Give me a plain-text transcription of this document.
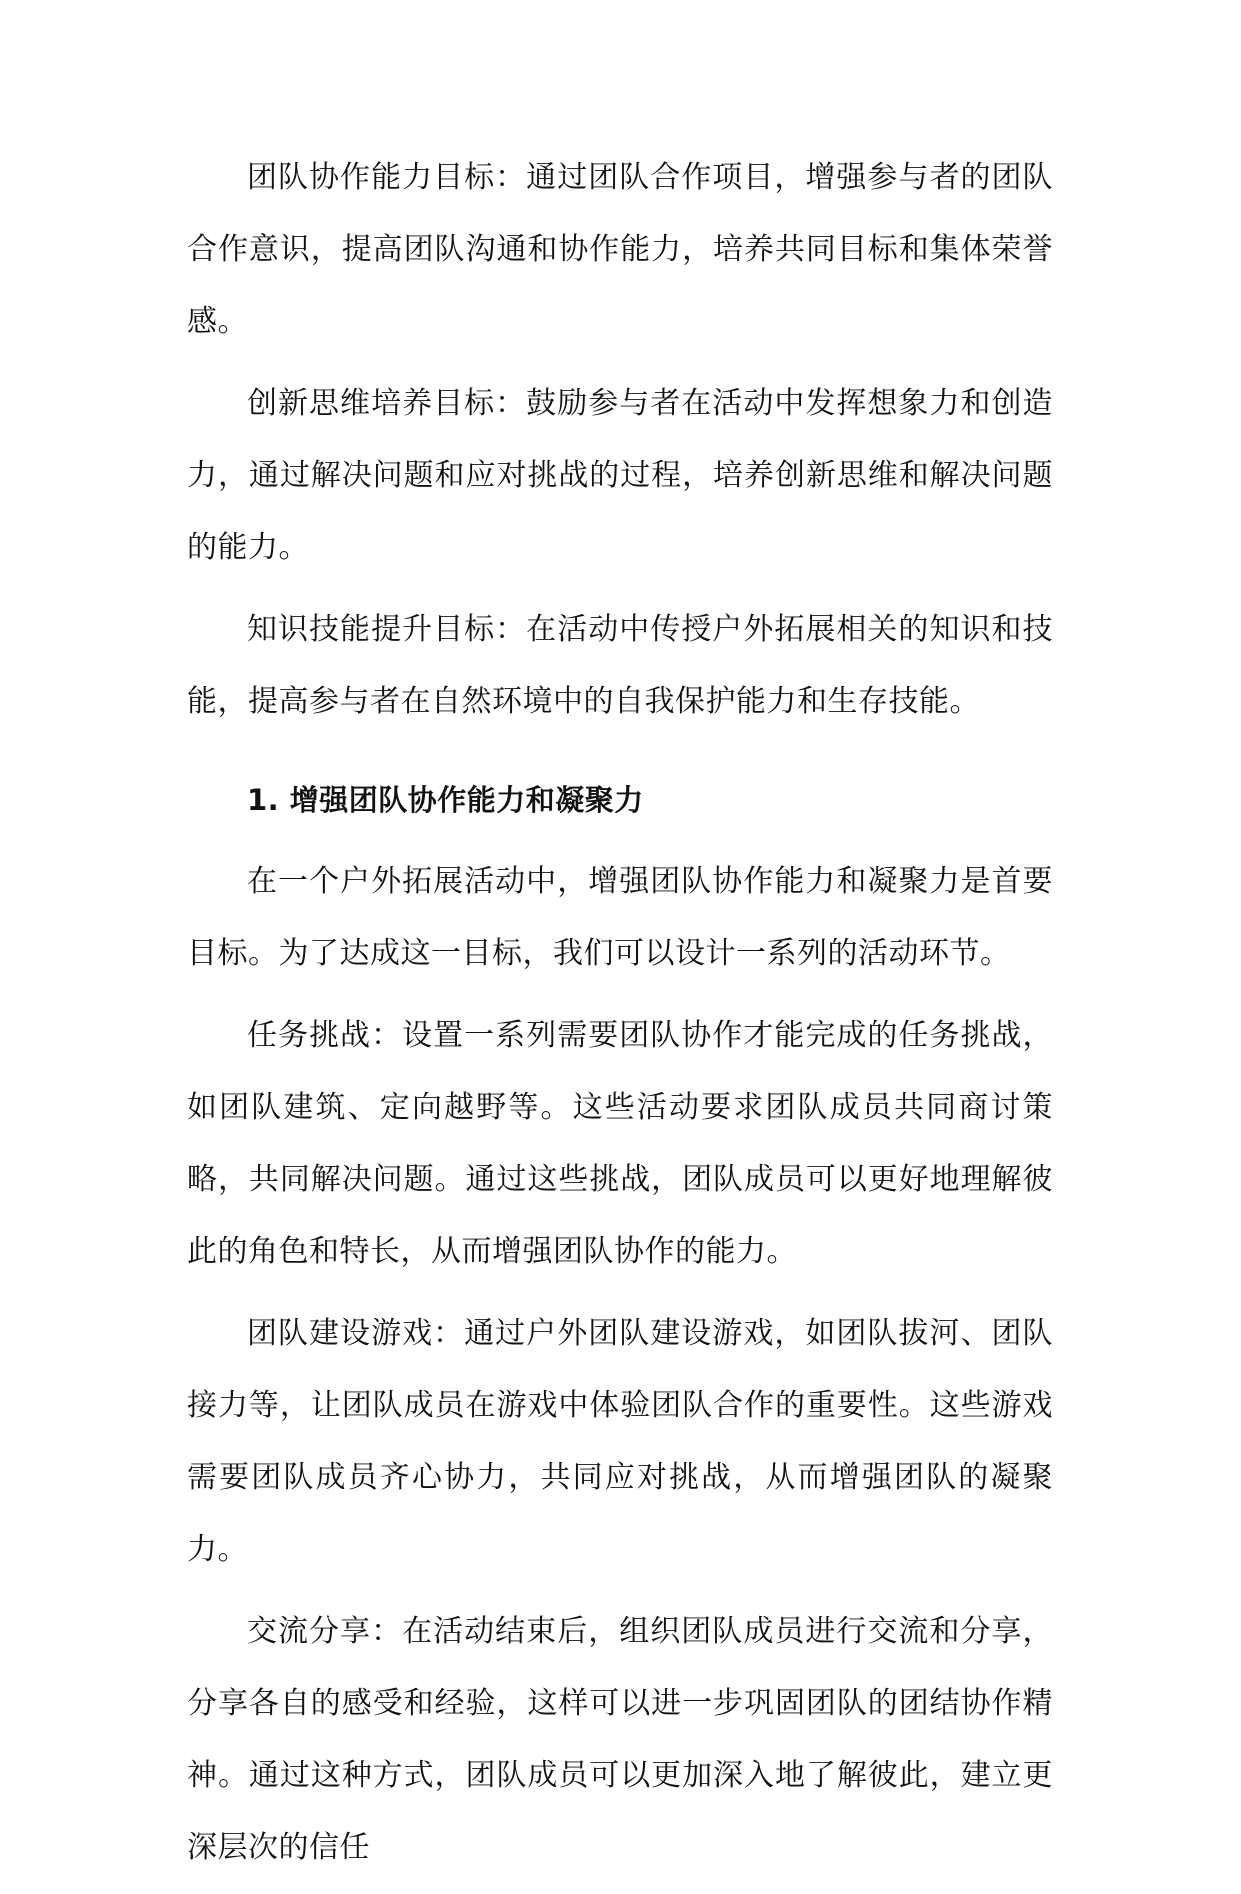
团队协作能力目标：通过团队合作项目，增强参与者的团队合作意识，提高团队沟通和协作能力，培养共同目标和集体荣誉感。

创新思维培养目标：鼓励参与者在活动中发挥想象力和创造力，通过解决问题和应对挑战的过程，培养创新思维和解决问题的能力。

知识技能提升目标：在活动中传授户外拓展相关的知识和技能，提高参与者在自然环境中的自我保护能力和生存技能。

1. 增强团队协作能力和凝聚力

在一个户外拓展活动中，增强团队协作能力和凝聚力是首要目标。为了达成这一目标，我们可以设计一系列的活动环节。

任务挑战：设置一系列需要团队协作才能完成的任务挑战，如团队建筑、定向越野等。这些活动要求团队成员共同商讨策略，共同解决问题。通过这些挑战，团队成员可以更好地理解彼此的角色和特长，从而增强团队协作的能力。

团队建设游戏：通过户外团队建设游戏，如团队拔河、团队接力等，让团队成员在游戏中体验团队合作的重要性。这些游戏需要团队成员齐心协力，共同应对挑战，从而增强团队的凝聚力。

交流分享：在活动结束后，组织团队成员进行交流和分享，分享各自的感受和经验，这样可以进一步巩固团队的团结协作精神。通过这种方式，团队成员可以更加深入地了解彼此，建立更深层次的信任
